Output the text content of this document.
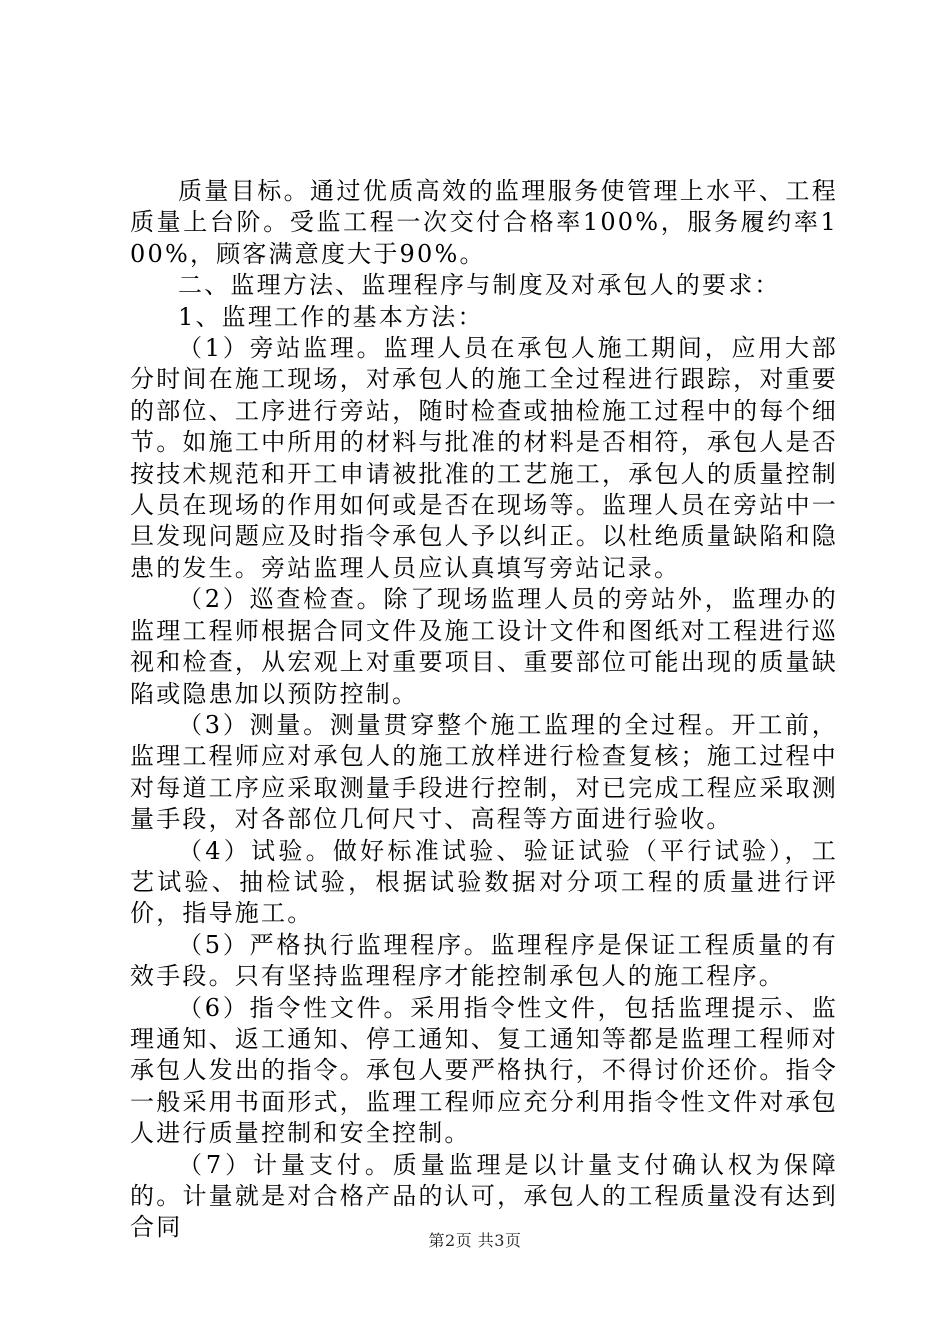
质量目标。通过优质高效的监理服务使管理上水平、工程质量上台阶。受监工程一次交付合格率100%，服务履约率100%，顾客满意度大于90%。

二、监理方法、监理程序与制度及对承包人的要求：

1、监理工作的基本方法：

（1）旁站监理。监理人员在承包人施工期间，应用大部分时间在施工现场，对承包人的施工全过程进行跟踪，对重要的部位、工序进行旁站，随时检查或抽检施工过程中的每个细节。如施工中所用的材料与批准的材料是否相符，承包人是否按技术规范和开工申请被批准的工艺施工，承包人的质量控制人员在现场的作用如何或是否在现场等。监理人员在旁站中一旦发现问题应及时指令承包人予以纠正。以杜绝质量缺陷和隐患的发生。旁站监理人员应认真填写旁站记录。

（2）巡查检查。除了现场监理人员的旁站外，监理办的监理工程师根据合同文件及施工设计文件和图纸对工程进行巡视和检查，从宏观上对重要项目、重要部位可能出现的质量缺陷或隐患加以预防控制。

（3）测量。测量贯穿整个施工监理的全过程。开工前，监理工程师应对承包人的施工放样进行检查复核；施工过程中对每道工序应采取测量手段进行控制，对已完成工程应采取测量手段，对各部位几何尺寸、高程等方面进行验收。

（4）试验。做好标准试验、验证试验（平行试验），工艺试验、抽检试验，根据试验数据对分项工程的质量进行评价，指导施工。

（5）严格执行监理程序。监理程序是保证工程质量的有效手段。只有坚持监理程序才能控制承包人的施工程序。

（6）指令性文件。采用指令性文件，包括监理提示、监理通知、返工通知、停工通知、复工通知等都是监理工程师对承包人发出的指令。承包人要严格执行，不得讨价还价。指令一般采用书面形式，监理工程师应充分利用指令性文件对承包人进行质量控制和安全控制。

（7）计量支付。质量监理是以计量支付确认权为保障的。计量就是对合格产品的认可，承包人的工程质量没有达到合同	第2页 共3页
